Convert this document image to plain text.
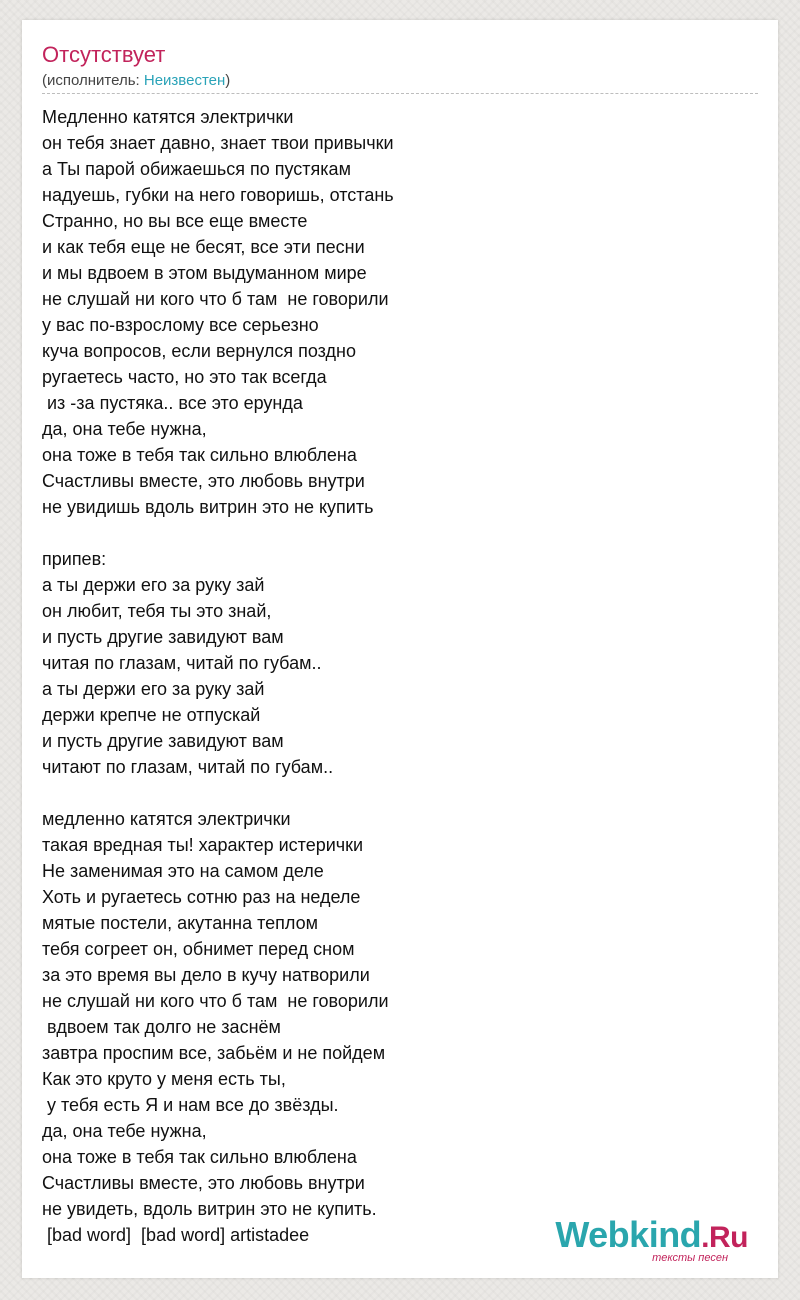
Отсутствует
(исполнитель: Неизвестен)
Медленно катятся электрички
он тебя знает давно, знает твои привычки
а Ты парой обижаешься по пустякам
надуешь, губки на него говоришь, отстань
Странно, но вы все еще вместе
и как тебя еще не бесят, все эти песни
и мы вдвоем в этом выдуманном мире
не слушай ни кого что б там  не говорили
у вас по-взрослому все серьезно
куча вопросов, если вернулся поздно
ругаетесь часто, но это так всегда
из -за пустяка.. все это ерунда
да, она тебе нужна,
она тоже в тебя так сильно влюблена
Счастливы вместе, это любовь внутри
не увидишь вдоль витрин это не купить

припев:
а ты держи его за руку зай
он любит, тебя ты это знай,
и пусть другие завидуют вам
читая по глазам, читай по губам..
а ты держи его за руку зай
держи крепче не отпускай
и пусть другие завидуют вам
читают по глазам, читай по губам..

медленно катятся электрички
такая вредная ты! характер истерички
Не заменимая это на самом деле
Хоть и ругаетесь сотню раз на неделе
мятые постели, акутанна теплом
тебя согреет он, обнимет перед сном
за это время вы дело в кучу натворили
не слушай ни кого что б там  не говорили
вдвоем так долго не заснём
завтра проспим все, забьём и не пойдем
Как это круто у меня есть ты,
у тебя есть Я и нам все до звёзды.
да, она тебе нужна,
она тоже в тебя так сильно влюблена
Счастливы вместе, это любовь внутри
не увидеть, вдоль витрин это не купить.
[bad word]  [bad word] artistadee	Webkind.Ru
тексты песен
